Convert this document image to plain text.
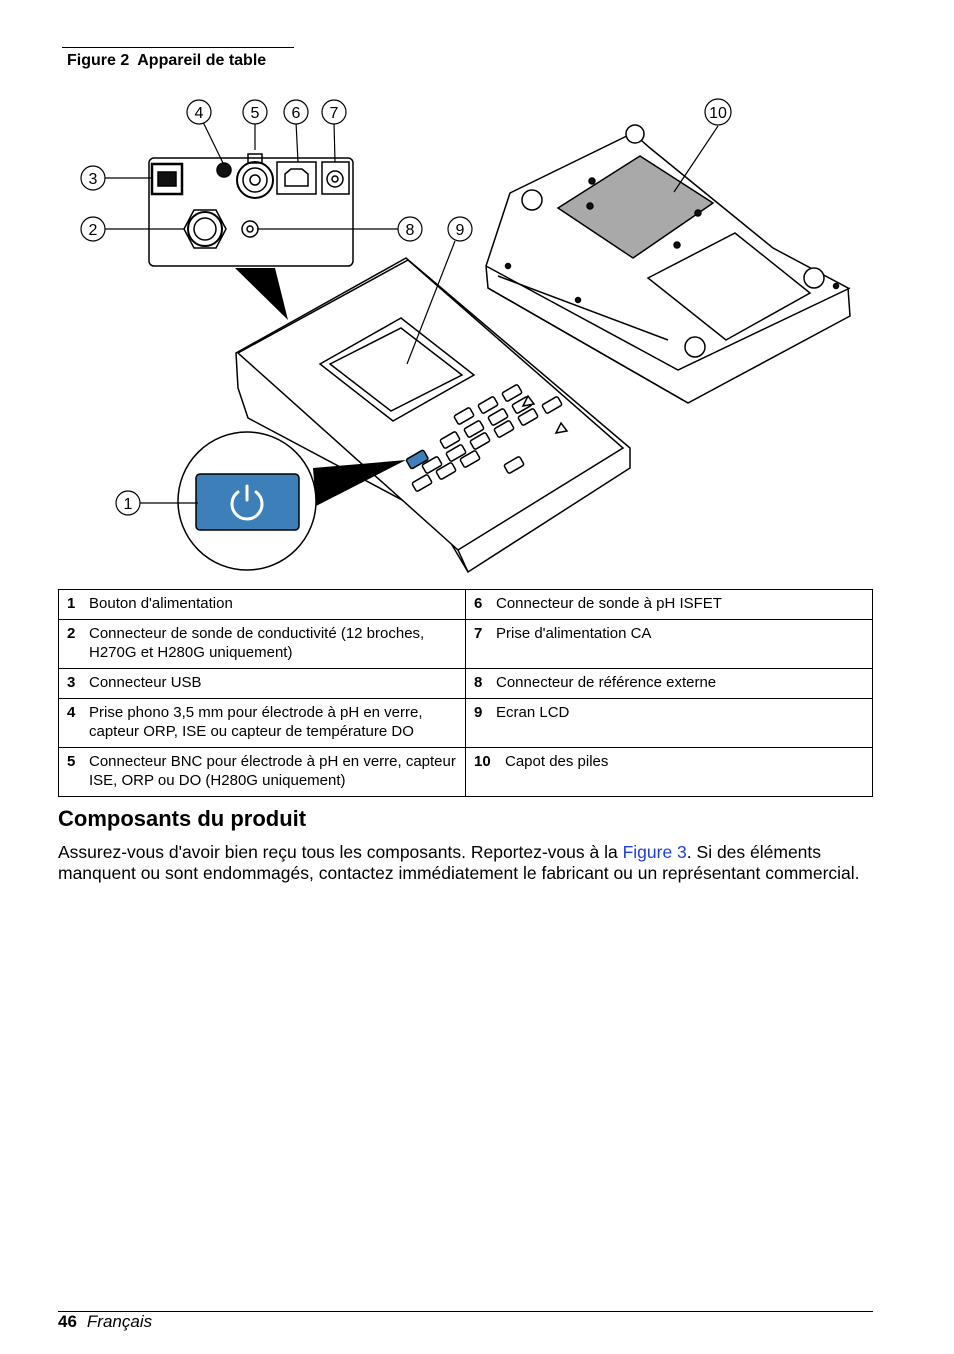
Figure 2 Appareil de table
1
2
3
4	5 6 7
8	9
10
1 Bouton d'alimentation	6 Connecteur de sonde à pH ISFET

2 Connecteur de sonde de conductivité (12 broches, H270G et H280G uniquement)	7 Prise d'alimentation CA

3 Connecteur USB	8 Connecteur de référence externe

4 Prise phono 3,5 mm pour électrode à pH en verre, capteur ORP, ISE ou capteur de température DO	9 Ecran LCD

5 Connecteur BNC pour électrode à pH en verre, capteur ISE, ORP ou DO (H280G uniquement)	10 Capot des piles
Composants du produit

Assurez-vous d'avoir bien reçu tous les composants. Reportez-vous à la Figure 3. Si des éléments manquent ou sont endommagés, contactez immédiatement le fabricant ou un représentant commercial.

46 Français
